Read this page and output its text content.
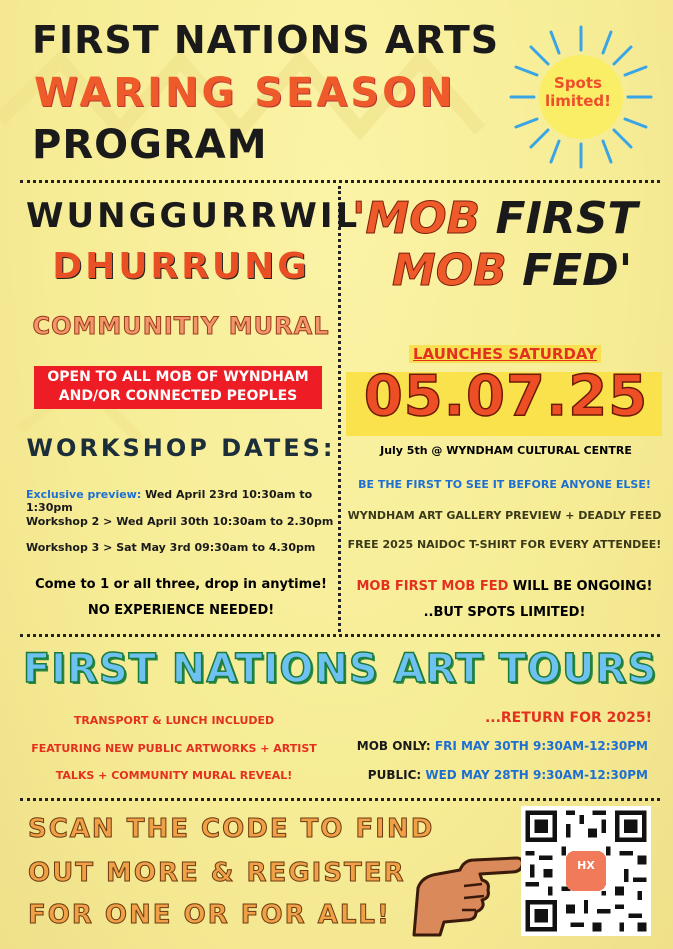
FIRST NATIONS ARTS
WARING SEASON
PROGRAM
Spots limited!
WUNGGURRWIL
DHURRUNG
COMMUNITIY MURAL
OPEN TO ALL MOB OF WYNDHAM
AND/OR CONNECTED PEOPLES
WORKSHOP DATES:
Exclusive preview: Wed April 23rd 10:30am to 1:30pm
Workshop 2 > Wed April 30th 10:30am to 2.30pm
Workshop 3 > Sat May 3rd 09:30am to 4.30pm
Come to 1 or all three, drop in anytime!
NO EXPERIENCE NEEDED!
'MOB FIRST
MOB FED'
LAUNCHES SATURDAY
05.07.25
July 5th @ WYNDHAM CULTURAL CENTRE
BE THE FIRST TO SEE IT BEFORE ANYONE ELSE!
WYNDHAM ART GALLERY PREVIEW + DEADLY FEED
FREE 2025 NAIDOC T-SHIRT FOR EVERY ATTENDEE!
MOB FIRST MOB FED WILL BE ONGOING!
..BUT SPOTS LIMITED!
FIRST NATIONS ART TOURS
TRANSPORT & LUNCH INCLUDED
FEATURING NEW PUBLIC ARTWORKS + ARTIST
TALKS + COMMUNITY MURAL REVEAL!
...RETURN FOR 2025!
MOB ONLY: FRI MAY 30TH 9:30AM-12:30PM
PUBLIC: WED MAY 28TH 9:30AM-12:30PM
SCAN THE CODE TO FIND
OUT MORE & REGISTER
FOR ONE OR FOR ALL!
HX
